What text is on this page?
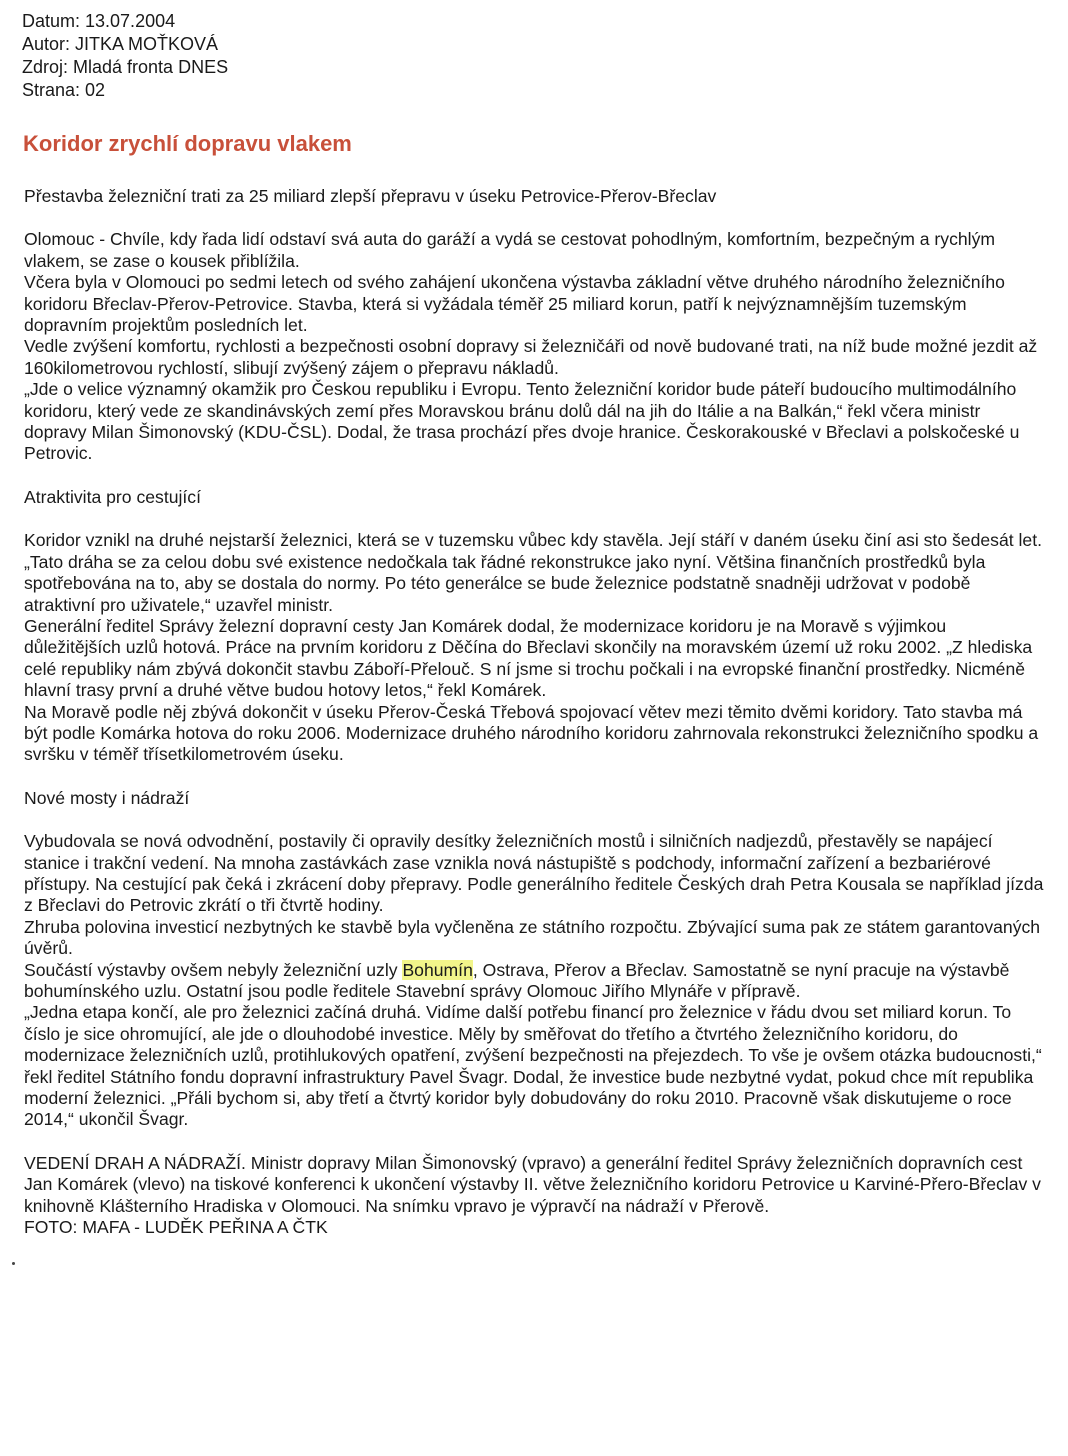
Datum: 13.07.2004
Autor: JITKA MOŤKOVÁ
Zdroj: Mladá fronta DNES
Strana: 02
Koridor zrychlí dopravu vlakem

Přestavba železniční trati za 25 miliard zlepší přepravu v úseku Petrovice-Přerov-Břeclav

Olomouc - Chvíle, kdy řada lidí odstaví svá auta do garáží a vydá se cestovat pohodlným, komfortním, bezpečným a rychlým vlakem, se zase o kousek přiblížila.

Včera byla v Olomouci po sedmi letech od svého zahájení ukončena výstavba základní větve druhého národního železničního koridoru Břeclav-Přerov-Petrovice. Stavba, která si vyžádala téměř 25 miliard korun, patří k nejvýznamnějším tuzemským dopravním projektům posledních let.

Vedle zvýšení komfortu, rychlosti a bezpečnosti osobní dopravy si železničáři od nově budované trati, na níž bude možné jezdit až 160kilometrovou rychlostí, slibují zvýšený zájem o přepravu nákladů.

„Jde o velice významný okamžik pro Českou republiku i Evropu. Tento železniční koridor bude páteří budoucího multimodálního koridoru, který vede ze skandinávských zemí přes Moravskou bránu dolů dál na jih do Itálie a na Balkán,“ řekl včera ministr dopravy Milan Šimonovský (KDU-ČSL). Dodal, že trasa prochází přes dvoje hranice. Českorakouské v Břeclavi a polskočeské u Petrovic.

Atraktivita pro cestující

Koridor vznikl na druhé nejstarší železnici, která se v tuzemsku vůbec kdy stavěla. Její stáří v daném úseku činí asi sto šedesát let. „Tato dráha se za celou dobu své existence nedočkala tak řádné rekonstrukce jako nyní. Většina finančních prostředků byla spotřebována na to, aby se dostala do normy. Po této generálce se bude železnice podstatně snadněji udržovat v podobě atraktivní pro uživatele,“ uzavřel ministr.

Generální ředitel Správy železní dopravní cesty Jan Komárek dodal, že modernizace koridoru je na Moravě s výjimkou důležitějších uzlů hotová. Práce na prvním koridoru z Děčína do Břeclavi skončily na moravském území už roku 2002. „Z hlediska celé republiky nám zbývá dokončit stavbu Záboří-Přelouč. S ní jsme si trochu počkali i na evropské finanční prostředky. Nicméně hlavní trasy první a druhé větve budou hotovy letos,“ řekl Komárek.

Na Moravě podle něj zbývá dokončit v úseku Přerov-Česká Třebová spojovací větev mezi těmito dvěmi koridory. Tato stavba má být podle Komárka hotova do roku 2006. Modernizace druhého národního koridoru zahrnovala rekonstrukci železničního spodku a svršku v téměř třísetkilometrovém úseku.

Nové mosty i nádraží

Vybudovala se nová odvodnění, postavily či opravily desítky železničních mostů i silničních nadjezdů, přestavěly se napájecí stanice i trakční vedení. Na mnoha zastávkách zase vznikla nová nástupiště s podchody, informační zařízení a bezbariérové přístupy. Na cestující pak čeká i zkrácení doby přepravy. Podle generálního ředitele Českých drah Petra Kousala se například jízda z Břeclavi do Petrovic zkrátí o tři čtvrtě hodiny.

Zhruba polovina investicí nezbytných ke stavbě byla vyčleněna ze státního rozpočtu. Zbývající suma pak ze státem garantovaných úvěrů.

Součástí výstavby ovšem nebyly železniční uzly Bohumín, Ostrava, Přerov a Břeclav. Samostatně se nyní pracuje na výstavbě bohumínského uzlu. Ostatní jsou podle ředitele Stavební správy Olomouc Jiřího Mlynáře v přípravě.

„Jedna etapa končí, ale pro železnici začíná druhá. Vidíme další potřebu financí pro železnice v řádu dvou set miliard korun. To číslo je sice ohromující, ale jde o dlouhodobé investice. Měly by směřovat do třetího a čtvrtého železničního koridoru, do modernizace železničních uzlů, protihlukových opatření, zvýšení bezpečnosti na přejezdech. To vše je ovšem otázka budoucnosti,“ řekl ředitel Státního fondu dopravní infrastruktury Pavel Švagr. Dodal, že investice bude nezbytné vydat, pokud chce mít republika moderní železnici. „Přáli bychom si, aby třetí a čtvrtý koridor byly dobudovány do roku 2010. Pracovně však diskutujeme o roce 2014,“ ukončil Švagr.

VEDENÍ DRAH A NÁDRAŽÍ. Ministr dopravy Milan Šimonovský (vpravo) a generální ředitel Správy železničních dopravních cest Jan Komárek (vlevo) na tiskové konferenci k ukončení výstavby II. větve železničního koridoru Petrovice u Karviné-Přero-Břeclav v knihovně Klášterního Hradiska v Olomouci. Na snímku vpravo je výpravčí na nádraží v Přerově.

FOTO: MAFA - LUDĚK PEŘINA A ČTK
